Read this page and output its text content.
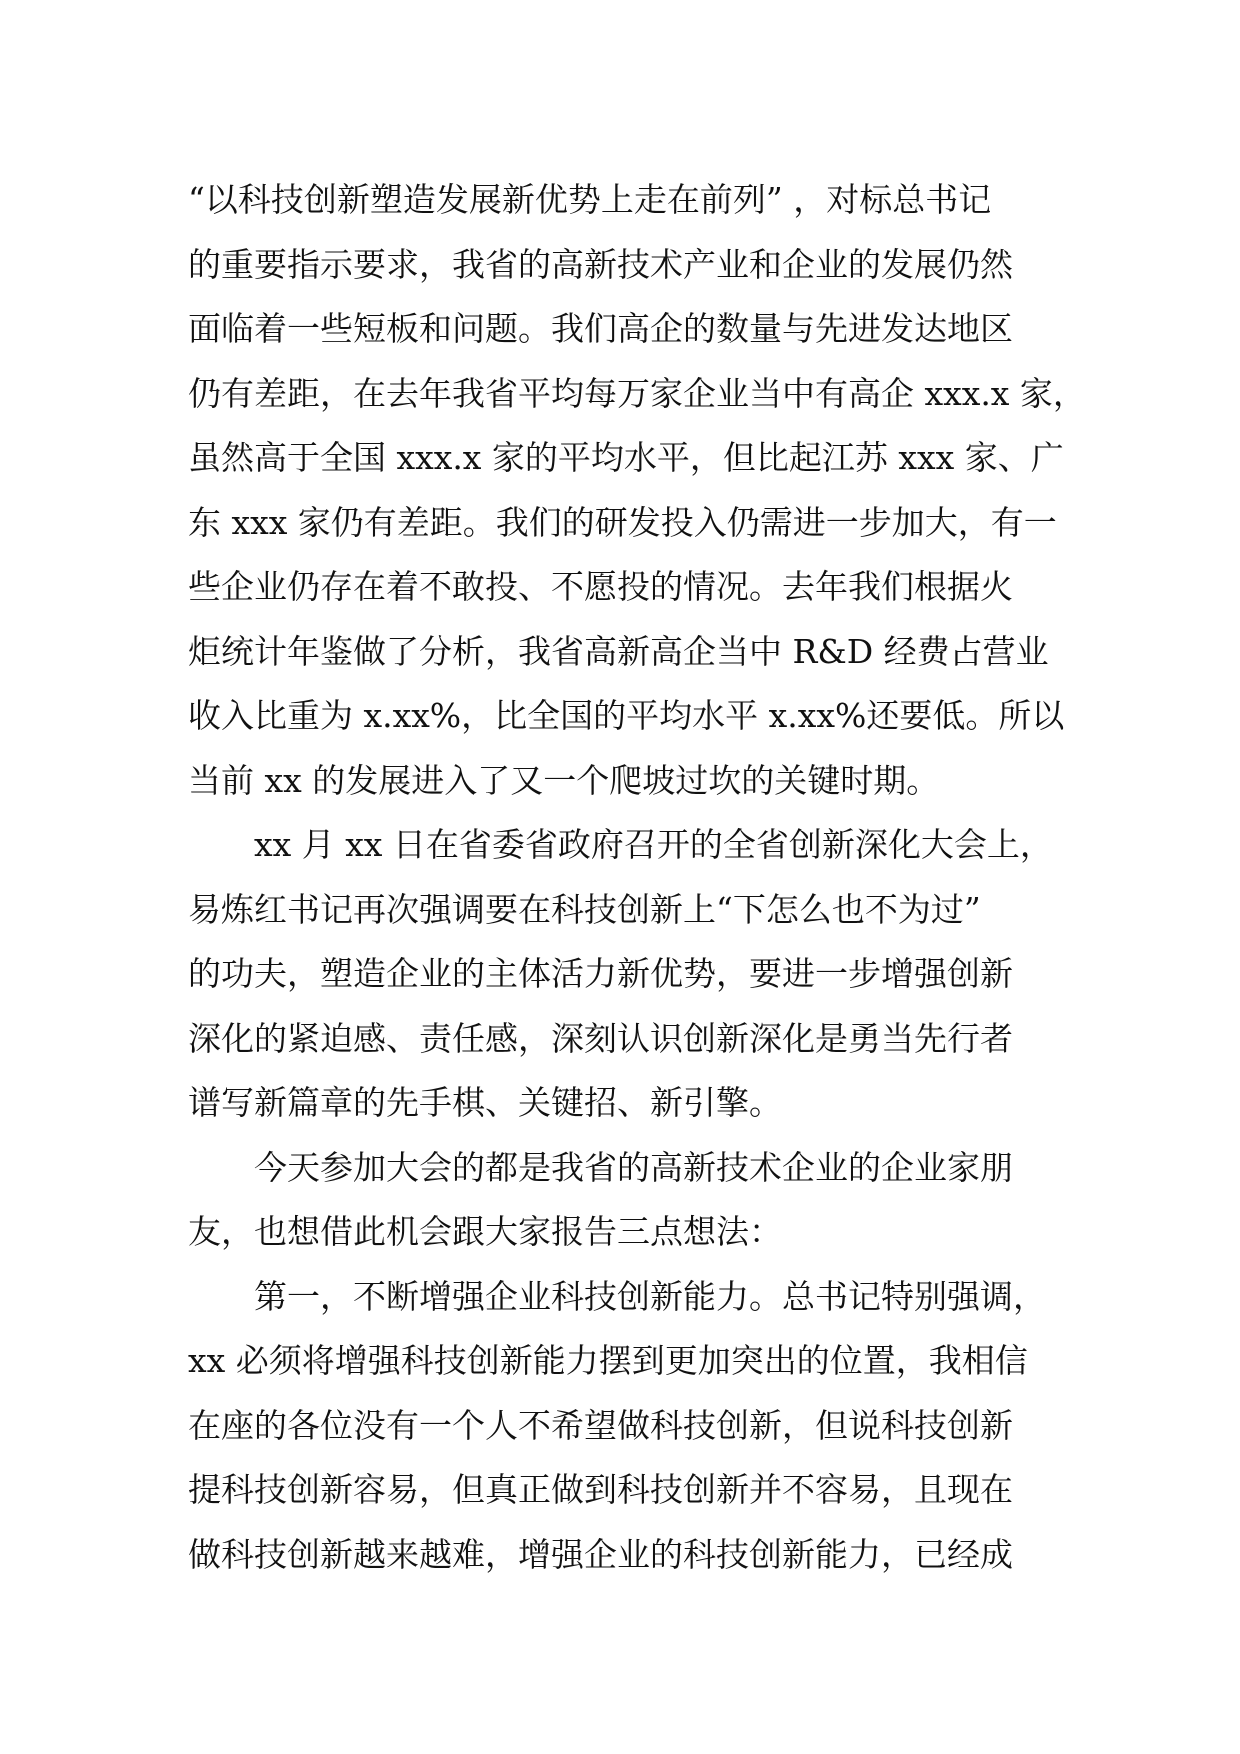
“以科技创新塑造发展新优势上走在前列” ，对标总书记
的重要指示要求，我省的高新技术产业和企业的发展仍然
面临着一些短板和问题。我们高企的数量与先进发达地区
仍有差距，在去年我省平均每万家企业当中有高企 xxx.x 家，
虽然高于全国 xxx.x 家的平均水平，但比起江苏 xxx 家、广
东 xxx 家仍有差距。我们的研发投入仍需进一步加大，有一
些企业仍存在着不敢投、不愿投的情况。去年我们根据火
炬统计年鉴做了分析，我省高新高企当中 R&D 经费占营业
收入比重为 x.xx%，比全国的平均水平 x.xx%还要低。所以
当前 xx 的发展进入了又一个爬坡过坎的关键时期。
xx 月 xx 日在省委省政府召开的全省创新深化大会上，
易炼红书记再次强调要在科技创新上“下怎么也不为过”
的功夫，塑造企业的主体活力新优势，要进一步增强创新
深化的紧迫感、责任感，深刻认识创新深化是勇当先行者
谱写新篇章的先手棋、关键招、新引擎。
今天参加大会的都是我省的高新技术企业的企业家朋
友，也想借此机会跟大家报告三点想法：
第一，不断增强企业科技创新能力。总书记特别强调，
xx 必须将增强科技创新能力摆到更加突出的位置，我相信
在座的各位没有一个人不希望做科技创新，但说科技创新
提科技创新容易，但真正做到科技创新并不容易，且现在
做科技创新越来越难，增强企业的科技创新能力，已经成
